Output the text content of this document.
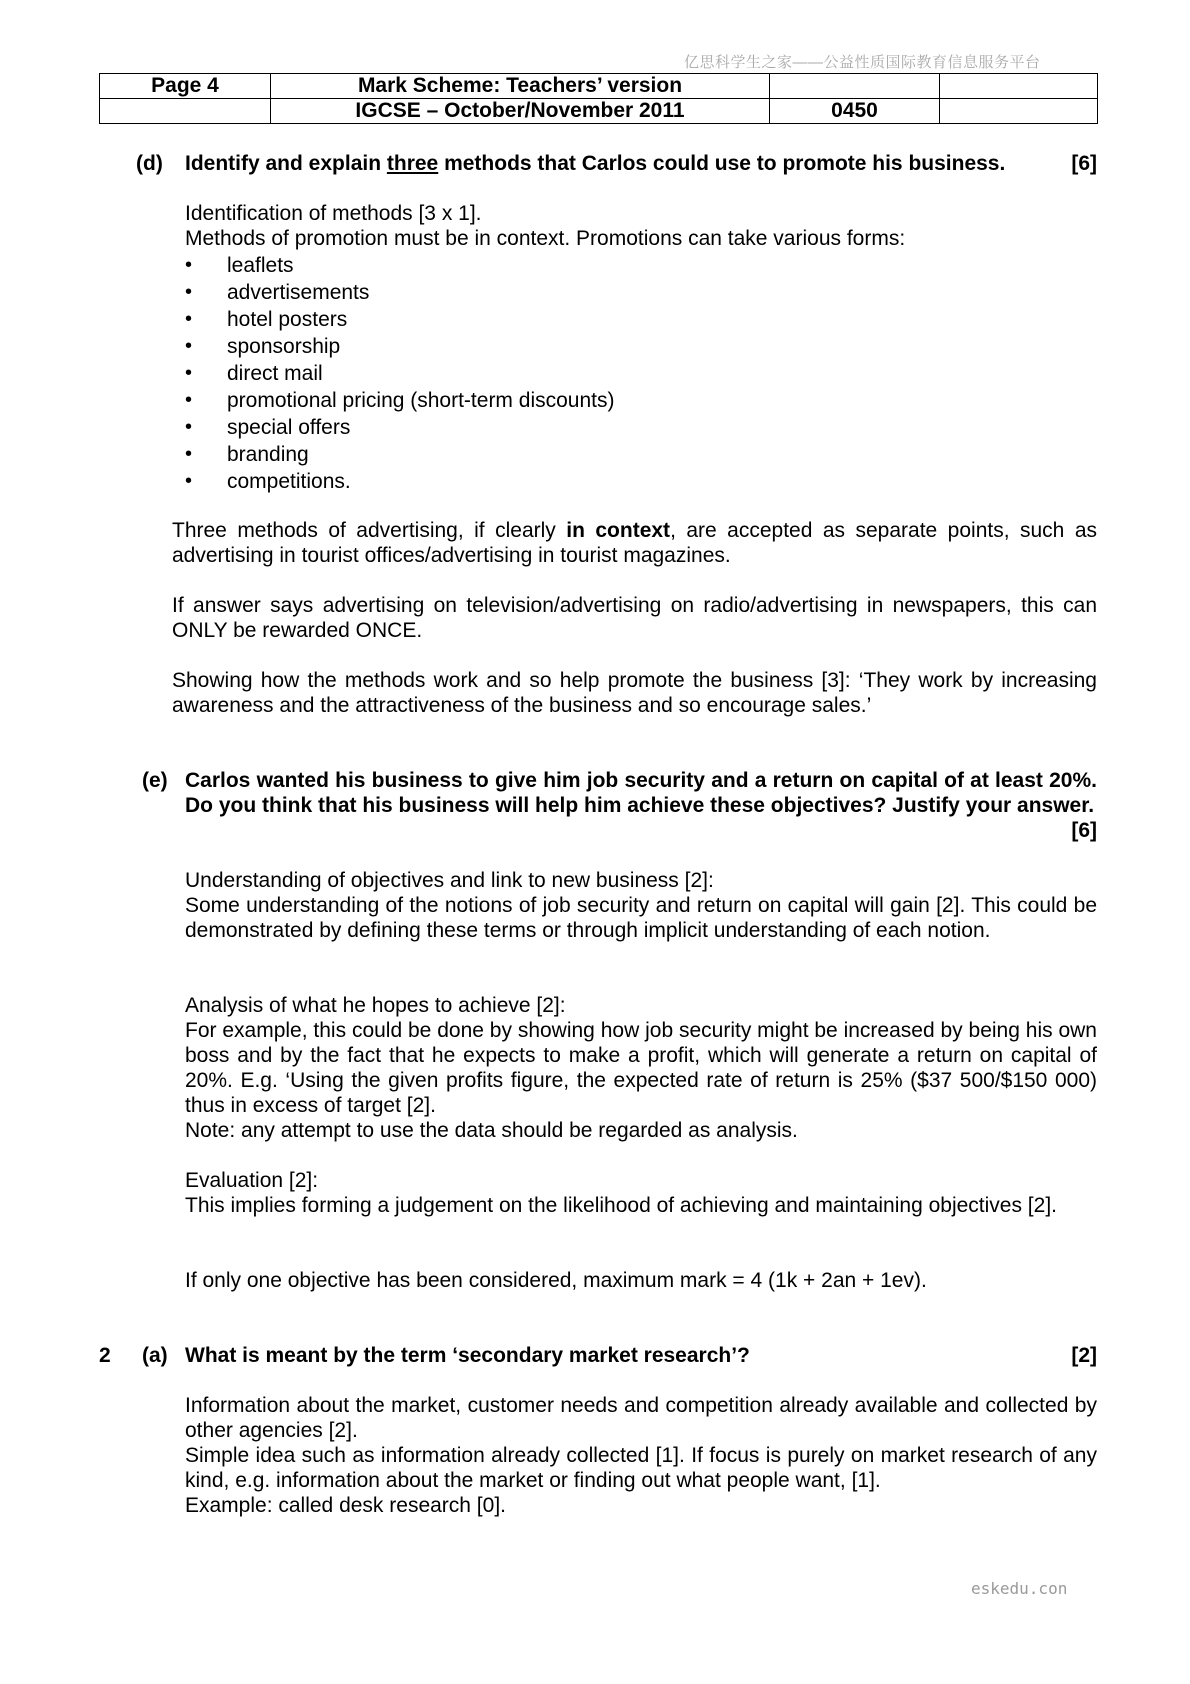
亿思科学生之家——公益性质国际教育信息服务平台
Page 4	Mark Scheme: Teachers’ version		
	IGCSE – October/November 2011	0450	
(d) Identify and explain three methods that Carlos could use to promote his business.	[6]

Identification of methods [3 x 1].

Methods of promotion must be in context. Promotions can take various forms:

• leaflets
• advertisements
• hotel posters
• sponsorship
• direct mail
• promotional pricing (short-term discounts)
• special offers
• branding
• competitions.
Three methods of advertising, if clearly in context, are accepted as separate points, such as advertising in tourist offices/advertising in tourist magazines.
If answer says advertising on television/advertising on radio/advertising in newspapers, this can ONLY be rewarded ONCE.
Showing how the methods work and so help promote the business [3]: ‘They work by increasing awareness and the attractiveness of the business and so encourage sales.’
(e) Carlos wanted his business to give him job security and a return on capital of at least 20%. Do you think that his business will help him achieve these objectives? Justify your answer.
[6]

Understanding of objectives and link to new business [2]:

Some understanding of the notions of job security and return on capital will gain [2]. This could be demonstrated by defining these terms or through implicit understanding of each notion.

Analysis of what he hopes to achieve [2]:

For example, this could be done by showing how job security might be increased by being his own boss and by the fact that he expects to make a profit, which will generate a return on capital of 20%. E.g. ‘Using the given profits figure, the expected rate of return is 25% ($37 500/$150 000) thus in excess of target [2].

Note: any attempt to use the data should be regarded as analysis.

Evaluation [2]:

This implies forming a judgement on the likelihood of achieving and maintaining objectives [2].

If only one objective has been considered, maximum mark = 4 (1k + 2an + 1ev).
2 (a) What is meant by the term ‘secondary market research’?	[2]

Information about the market, customer needs and competition already available and collected by other agencies [2].

Simple idea such as information already collected [1]. If focus is purely on market research of any kind, e.g. information about the market or finding out what people want, [1].

Example: called desk research [0].

eskedu.con
